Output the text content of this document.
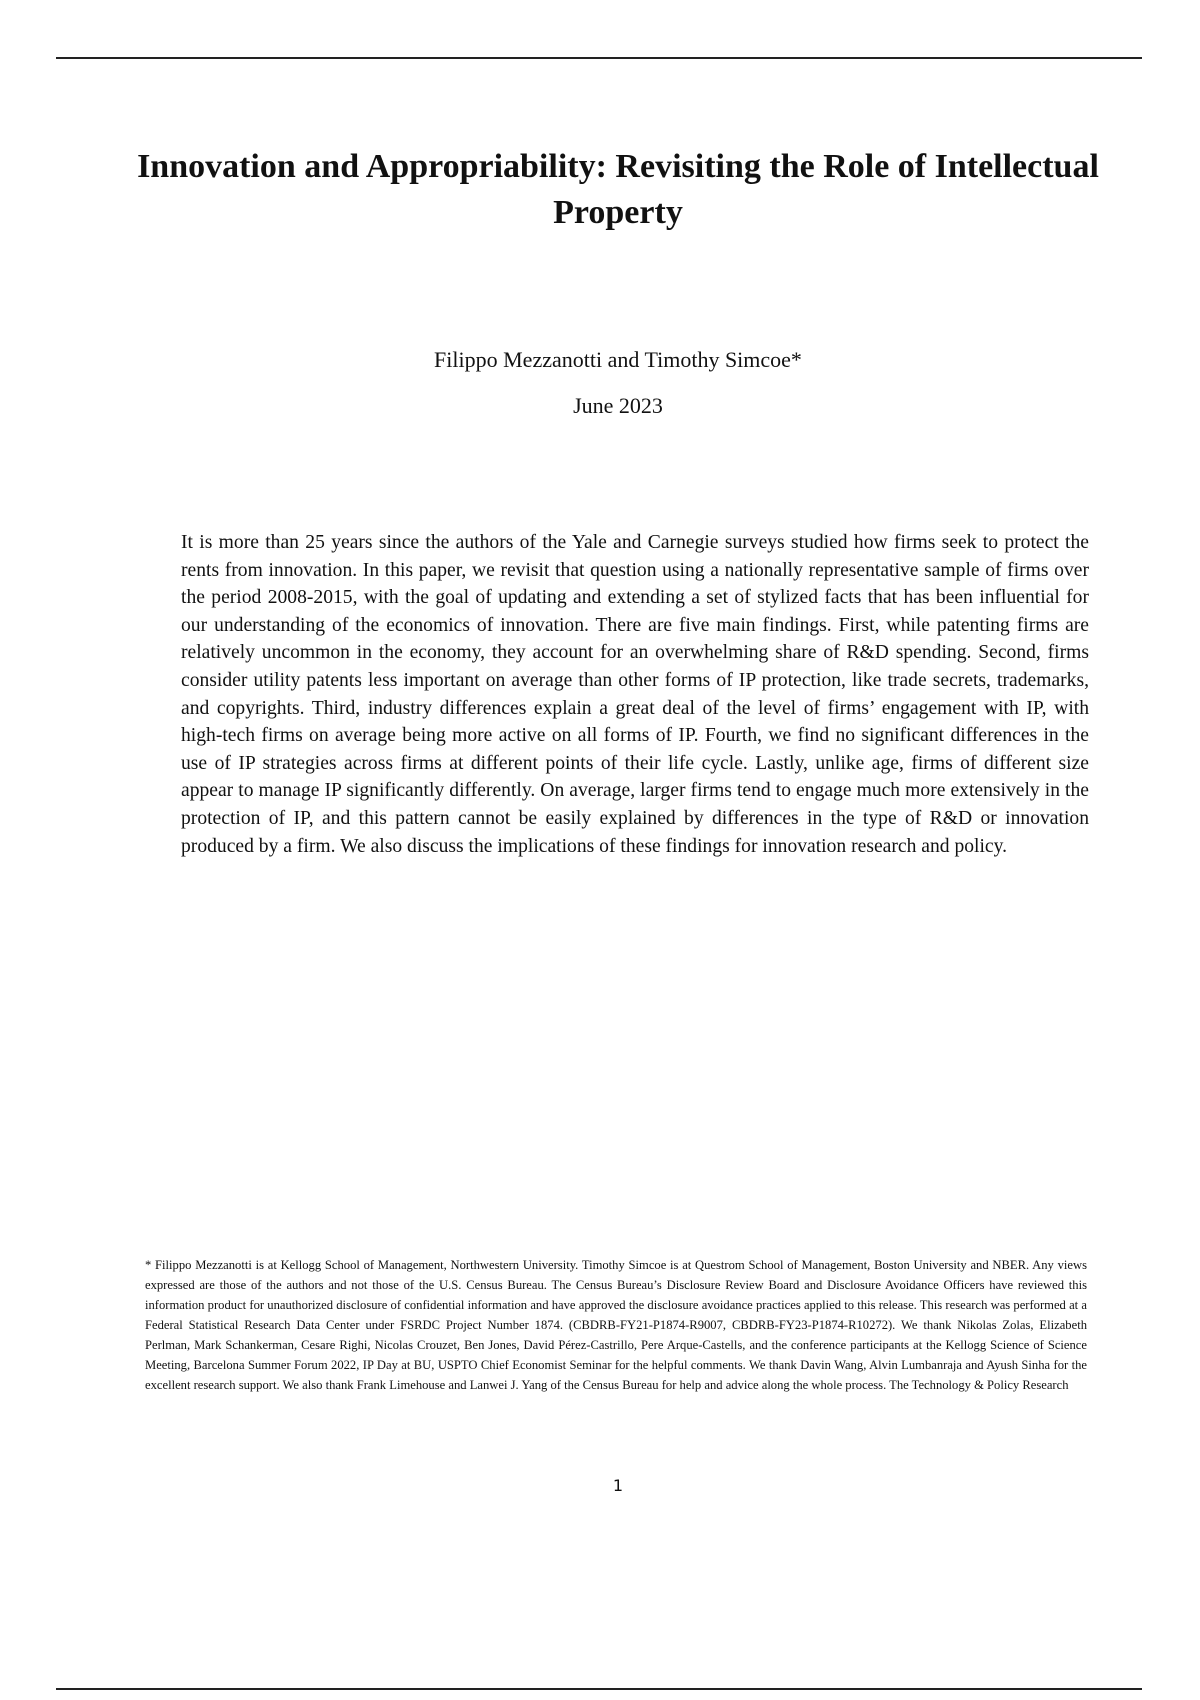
Innovation and Appropriability: Revisiting the Role of Intellectual Property

Filippo Mezzanotti and Timothy Simcoe*

June 2023

It is more than 25 years since the authors of the Yale and Carnegie surveys studied how firms seek to protect the rents from innovation. In this paper, we revisit that question using a nationally representative sample of firms over the period 2008-2015, with the goal of updating and extending a set of stylized facts that has been influential for our understanding of the economics of innovation. There are five main findings. First, while patenting firms are relatively uncommon in the economy, they account for an overwhelming share of R&D spending. Second, firms consider utility patents less important on average than other forms of IP protection, like trade secrets, trademarks, and copyrights. Third, industry differences explain a great deal of the level of firms’ engagement with IP, with high-tech firms on average being more active on all forms of IP. Fourth, we find no significant differences in the use of IP strategies across firms at different points of their life cycle. Lastly, unlike age, firms of different size appear to manage IP significantly differently. On average, larger firms tend to engage much more extensively in the protection of IP, and this pattern cannot be easily explained by differences in the type of R&D or innovation produced by a firm. We also discuss the implications of these findings for innovation research and policy.

* Filippo Mezzanotti is at Kellogg School of Management, Northwestern University. Timothy Simcoe is at Questrom School of Management, Boston University and NBER. Any views expressed are those of the authors and not those of the U.S. Census Bureau. The Census Bureau’s Disclosure Review Board and Disclosure Avoidance Officers have reviewed this information product for unauthorized disclosure of confidential information and have approved the disclosure avoidance practices applied to this release. This research was performed at a Federal Statistical Research Data Center under FSRDC Project Number 1874. (CBDRB-FY21-P1874-R9007, CBDRB-FY23-P1874-R10272). We thank Nikolas Zolas, Elizabeth Perlman, Mark Schankerman, Cesare Righi, Nicolas Crouzet, Ben Jones, David Pérez-Castrillo, Pere Arque-Castells, and the conference participants at the Kellogg Science of Science Meeting, Barcelona Summer Forum 2022, IP Day at BU, USPTO Chief Economist Seminar for the helpful comments. We thank Davin Wang, Alvin Lumbanraja and Ayush Sinha for the excellent research support. We also thank Frank Limehouse and Lanwei J. Yang of the Census Bureau for help and advice along the whole process. The Technology & Policy Research

1
